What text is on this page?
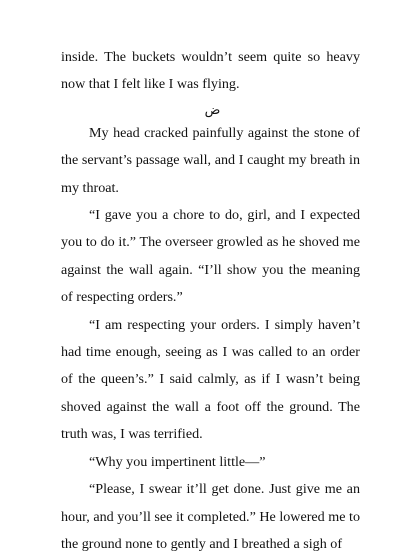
inside. The buckets wouldn’t seem quite so heavy now that I felt like I was flying.

ض

My head cracked painfully against the stone of the servant’s passage wall, and I caught my breath in my throat.

“I gave you a chore to do, girl, and I expected you to do it.” The overseer growled as he shoved me against the wall again. “I’ll show you the meaning of respecting orders.”

“I am respecting your orders. I simply haven’t had time enough, seeing as I was called to an order of the queen’s.” I said calmly, as if I wasn’t being shoved against the wall a foot off the ground. The truth was, I was terrified.

“Why you impertinent little—”

“Please, I swear it’ll get done. Just give me an hour, and you’ll see it completed.” He lowered me to the ground none to gently and I breathed a sigh of
